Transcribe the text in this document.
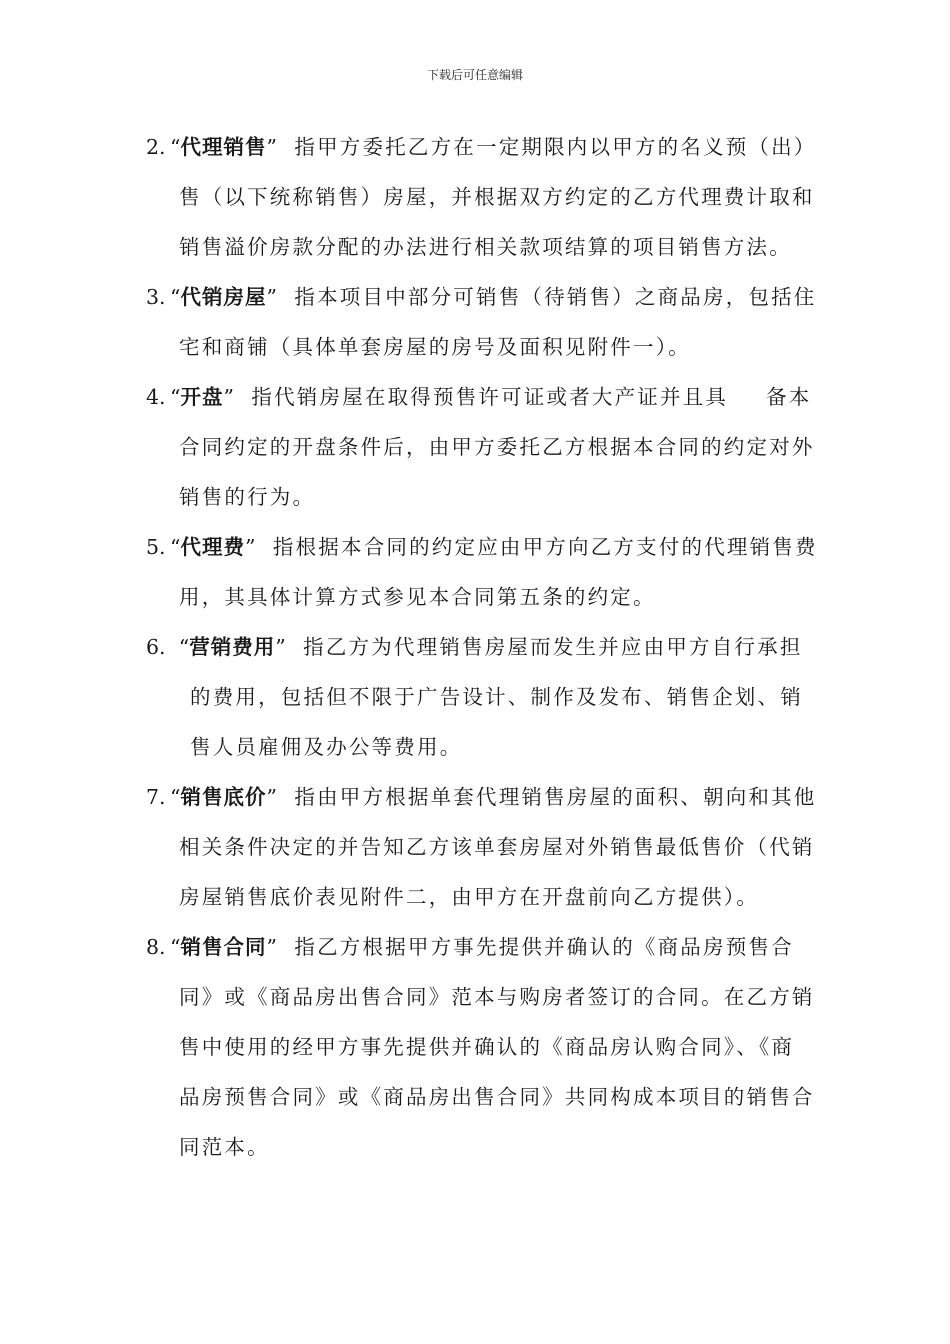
下载后可任意编辑
2. “代理销售” 指甲方委托乙方在一定期限内以甲方的名义预（出）
售（以下统称销售）房屋，并根据双方约定的乙方代理费计取和
销售溢价房款分配的办法进行相关款项结算的项目销售方法。
3. “代销房屋” 指本项目中部分可销售（待销售）之商品房，包括住
宅和商铺（具体单套房屋的房号及面积见附件一）。
4. “开盘” 指代销房屋在取得预售许可证或者大产证并且具 备本
合同约定的开盘条件后，由甲方委托乙方根据本合同的约定对外
销售的行为。
5. “代理费” 指根据本合同的约定应由甲方向乙方支付的代理销售费
用，其具体计算方式参见本合同第五条的约定。
6. “营销费用” 指乙方为代理销售房屋而发生并应由甲方自行承担
的费用，包括但不限于广告设计、制作及发布、销售企划、销
售人员雇佣及办公等费用。
7. “销售底价” 指由甲方根据单套代理销售房屋的面积、朝向和其他
相关条件决定的并告知乙方该单套房屋对外销售最低售价（代销
房屋销售底价表见附件二，由甲方在开盘前向乙方提供）。
8. “销售合同” 指乙方根据甲方事先提供并确认的《商品房预售合
同》或《商品房出售合同》范本与购房者签订的合同。在乙方销
售中使用的经甲方事先提供并确认的《商品房认购合同》、《商
品房预售合同》或《商品房出售合同》共同构成本项目的销售合
同范本。
